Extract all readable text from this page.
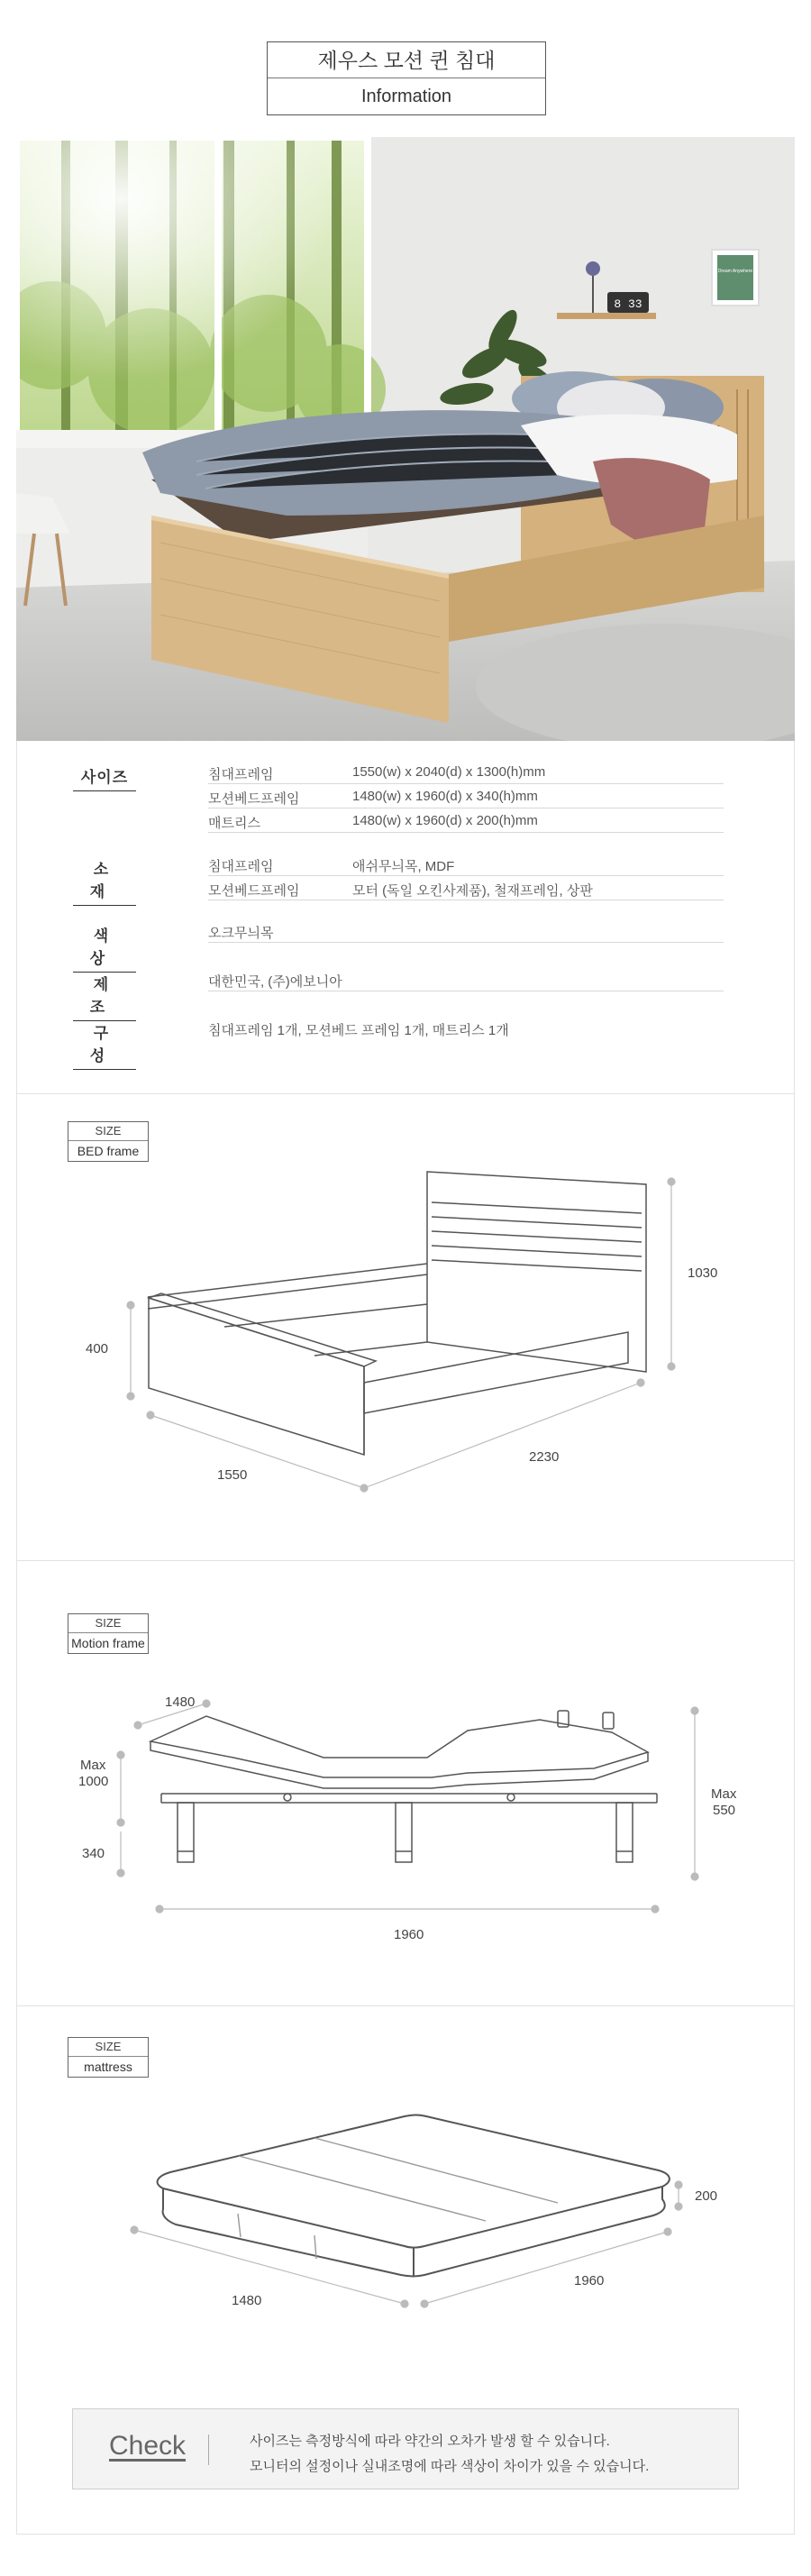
제우스 모션 퀸 침대
Information
8 33
Dream Anywhere
사이즈	침대프레임	1550(w) x 2040(d) x 1300(h)mm
모션베드프레임	1480(w) x 1960(d) x 340(h)mm
매트리스	1480(w) x 1960(d) x 200(h)mm
소재
침대프레임	애쉬무늬목, MDF
모션베드프레임	모터 (독일 오킨사제품), 철재프레임, 상판
색상
오크무늬목
제조
대한민국, (주)에보니아
구성
침대프레임 1개, 모션베드 프레임 1개, 매트리스 1개
SIZE
BED frame
1030
400
1550
2230
SIZE
Motion frame
1480
Max
1000
340
Max
550
1960
SIZE
mattress
200
1480
1960
Check	사이즈는 측정방식에 따라 약간의 오차가 발생 할 수 있습니다.
모니터의 설정이나 실내조명에 따라 색상이 차이가 있을 수 있습니다.
